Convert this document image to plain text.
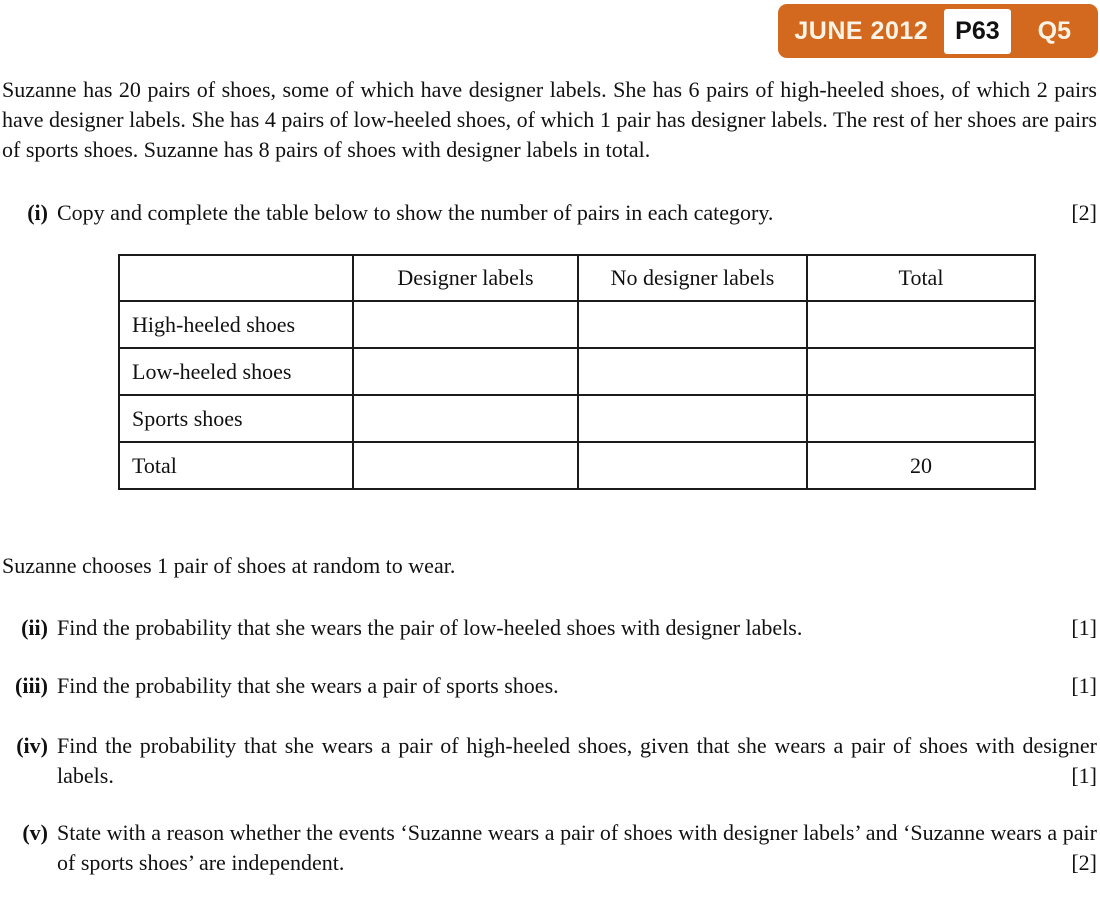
JUNE 2012	P63	Q5

Suzanne has 20 pairs of shoes, some of which have designer labels. She has 6 pairs of high-heeled shoes, of which 2 pairs have designer labels. She has 4 pairs of low-heeled shoes, of which 1 pair has designer labels. The rest of her shoes are pairs of sports shoes. Suzanne has 8 pairs of shoes with designer labels in total.

(i) Copy and complete the table below to show the number of pairs in each category.	[2]
	Designer labels	No designer labels	Total
High-heeled shoes			
Low-heeled shoes			
Sports shoes			
Total			20

Suzanne chooses 1 pair of shoes at random to wear.

(ii) Find the probability that she wears the pair of low-heeled shoes with designer labels.	[1]
(iii) Find the probability that she wears a pair of sports shoes.	[1]
(iv) Find the probability that she wears a pair of high-heeled shoes, given that she wears a pair of shoes with designer labels.	[1]
(v) State with a reason whether the events ‘Suzanne wears a pair of shoes with designer labels’ and ‘Suzanne wears a pair of sports shoes’ are independent.	[2]
